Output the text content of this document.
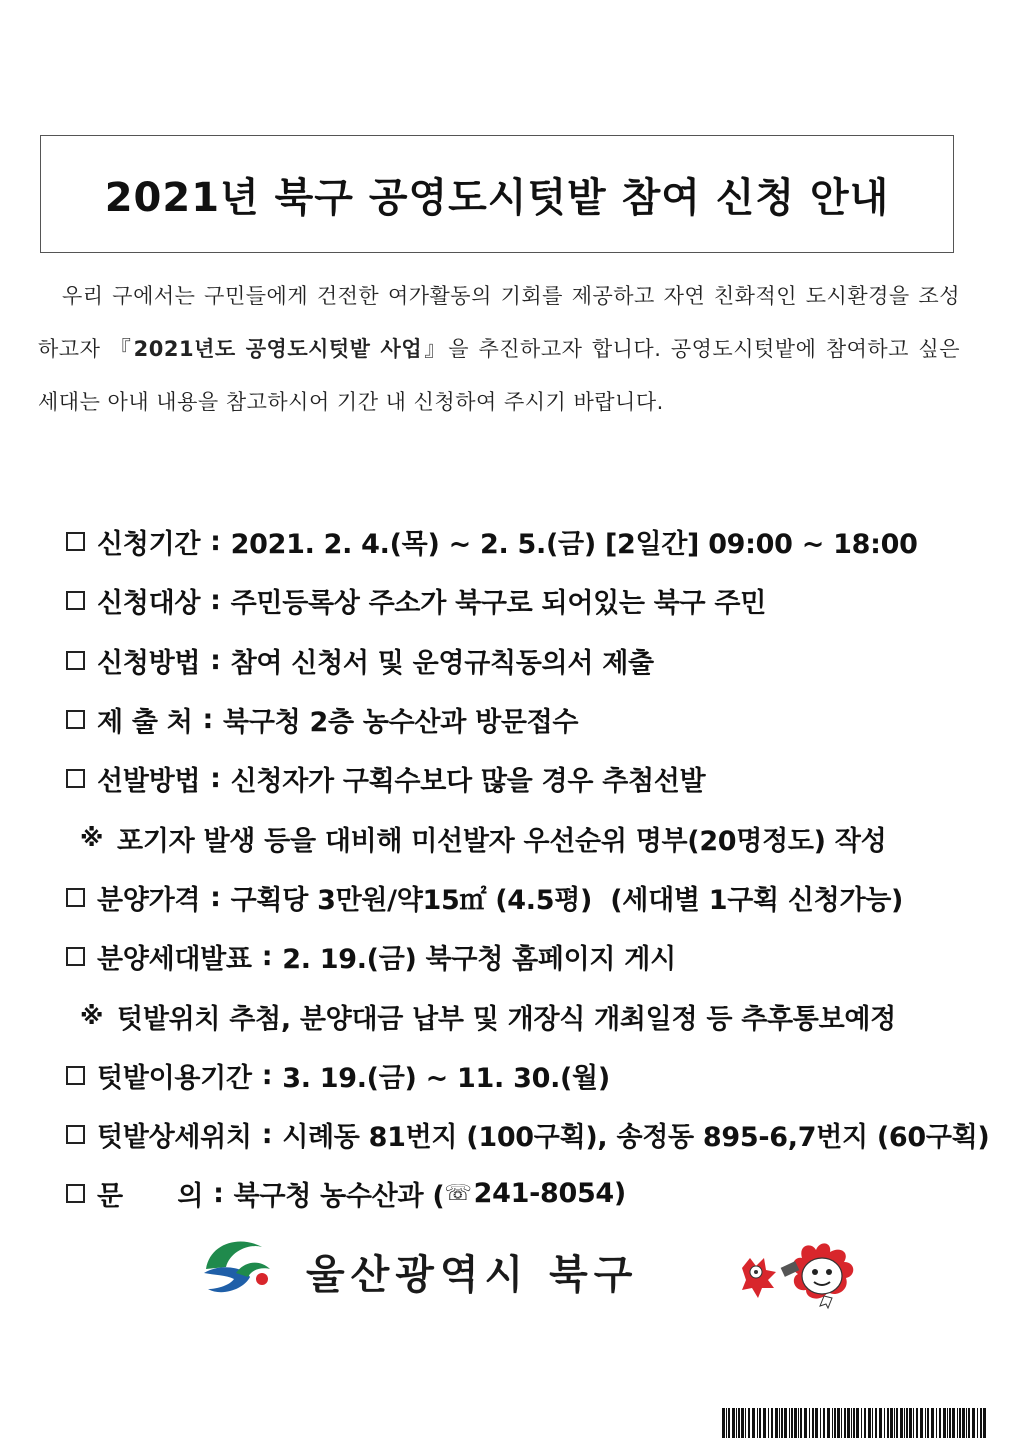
2021년 북구 공영도시텃밭 참여 신청 안내

우리 구에서는 구민들에게 건전한 여가활동의 기회를 제공하고 자연 친화적인 도시환경을 조성하고자 『2021년도 공영도시텃밭 사업』을 추진하고자 합니다. 공영도시텃밭에 참여하고 싶은 세대는 아내 내용을 참고하시어 기간 내 신청하여 주시기 바랍니다.

신청기간 : 2021. 2. 4.(목) ~ 2. 5.(금) [2일간] 09:00 ~ 18:00
신청대상 : 주민등록상 주소가 북구로 되어있는 북구 주민
신청방법 : 참여 신청서 및 운영규칙동의서 제출
제 출 처 : 북구청 2층 농수산과 방문접수
선발방법 : 신청자가 구획수보다 많을 경우 추첨선발
※ 포기자 발생 등을 대비해 미선발자 우선순위 명부(20명정도) 작성
분양가격 : 구획당 3만원/약15㎡ (4.5평)  (세대별 1구획 신청가능)
분양세대발표 : 2. 19.(금) 북구청 홈페이지 게시
※ 텃밭위치 추첨, 분양대금 납부 및 개장식 개최일정 등 추후통보예정
텃밭이용기간 : 3. 19.(금) ~ 11. 30.(월)
텃밭상세위치 : 시례동 81번지 (100구획), 송정동 895-6,7번지 (60구획)
문      의 : 북구청 농수산과 ( ☏ 241-8054)
울산광역시 북구
